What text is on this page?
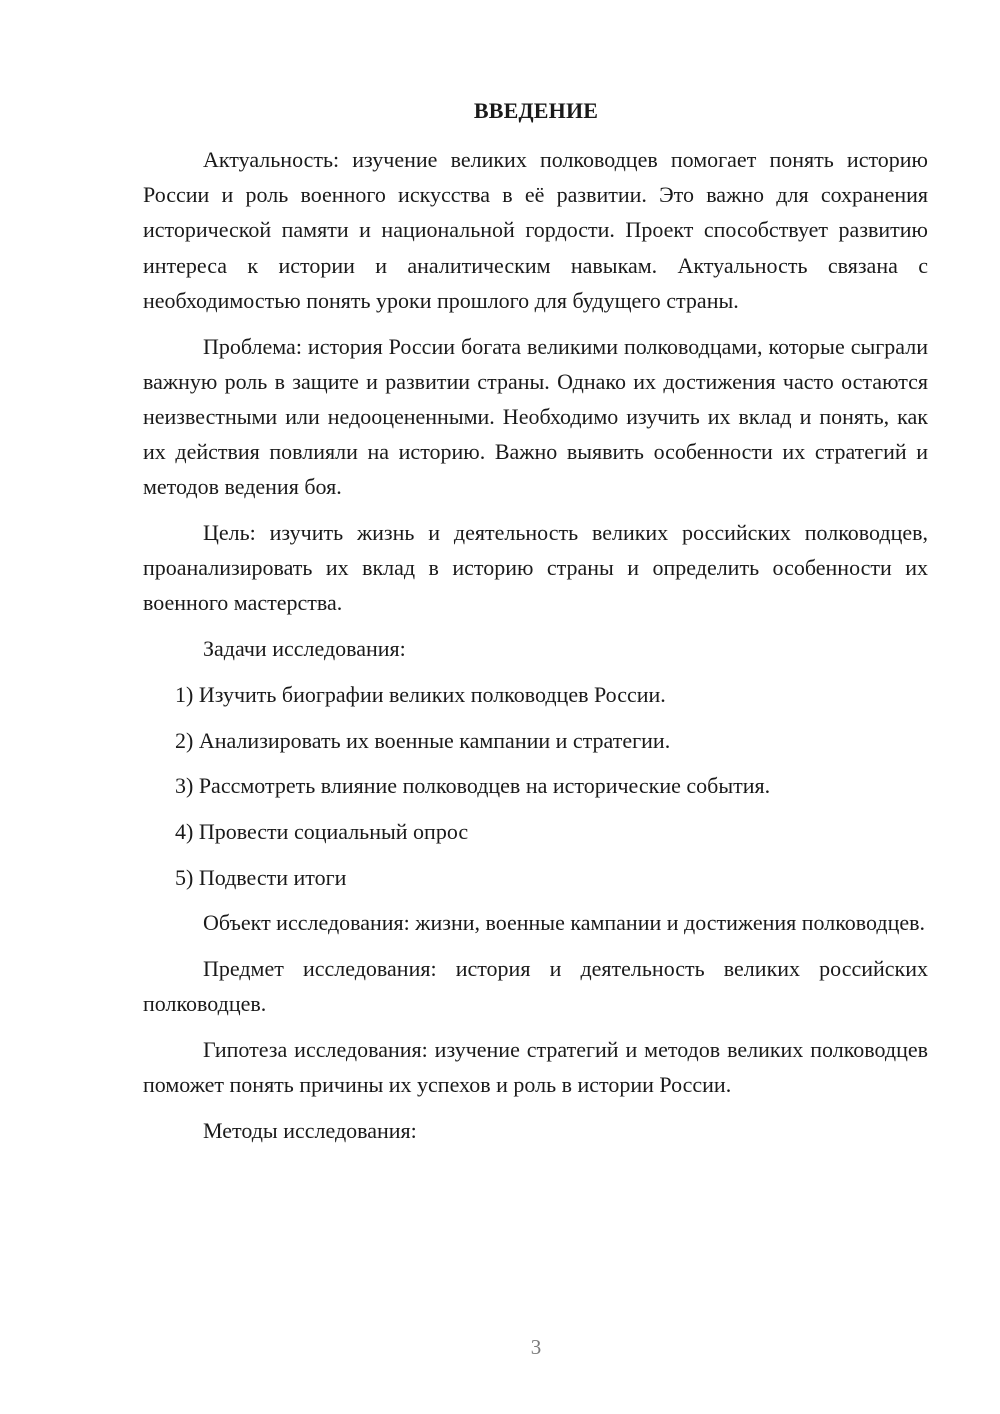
ВВЕДЕНИЕ

Актуальность: изучение великих полководцев помогает понять историю России и роль военного искусства в её развитии. Это важно для сохранения исторической памяти и национальной гордости. Проект способствует развитию интереса к истории и аналитическим навыкам. Актуальность связана с необходимостью понять уроки прошлого для будущего страны.

Проблема: история России богата великими полководцами, которые сыграли важную роль в защите и развитии страны. Однако их достижения часто остаются неизвестными или недооцененными. Необходимо изучить их вклад и понять, как их действия повлияли на историю. Важно выявить особенности их стратегий и методов ведения боя.

Цель: изучить жизнь и деятельность великих российских полководцев, проанализировать их вклад в историю страны и определить особенности их военного мастерства.

Задачи исследования:

1) Изучить биографии великих полководцев России.

2) Анализировать их военные кампании и стратегии.

3) Рассмотреть влияние полководцев на исторические события.

4) Провести социальный опрос

5) Подвести итоги

Объект исследования: жизни, военные кампании и достижения полководцев.

Предмет исследования: история и деятельность великих российских полководцев.

Гипотеза исследования: изучение стратегий и методов великих полководцев поможет понять причины их успехов и роль в истории России.

Методы исследования:

3
